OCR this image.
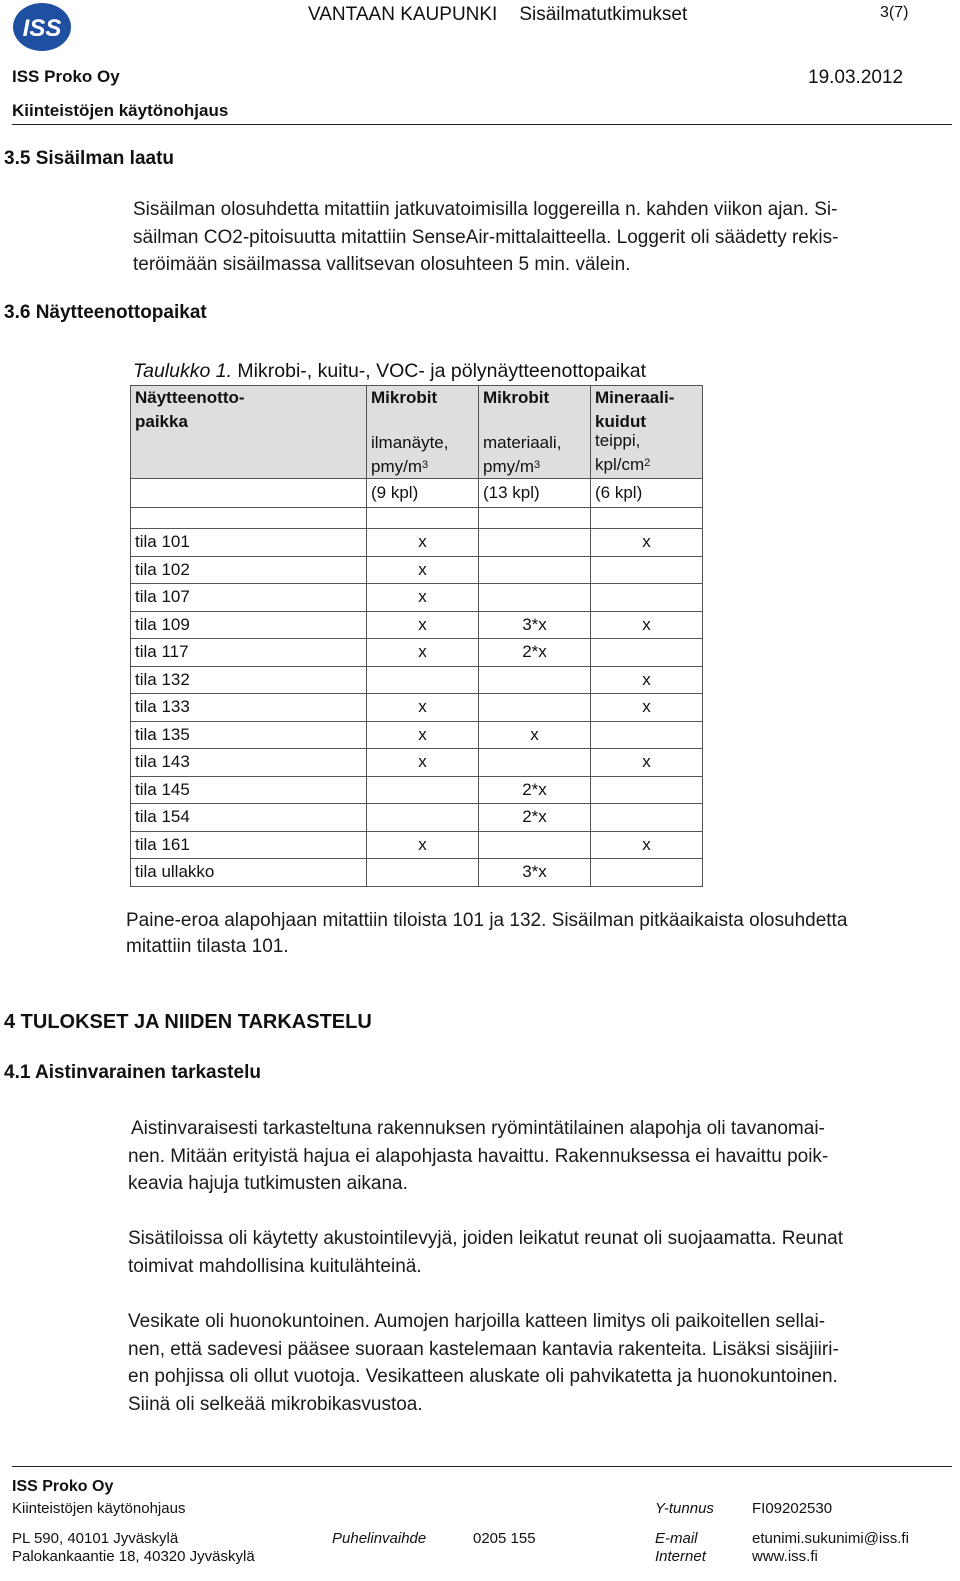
ISS
VANTAAN KAUPUNKI Sisäilmatutkimukset	3(7)
ISS Proko Oy	19.03.2012
Kiinteistöjen käytönohjaus
3.5 Sisäilman laatu
Sisäilman olosuhdetta mitattiin jatkuvatoimisilla loggereilla n. kahden viikon ajan. Si-
säilman CO2-pitoisuutta mitattiin SenseAir-mittalaitteella. Loggerit oli säädetty rekis-
teröimään sisäilmassa vallitsevan olosuhteen 5 min. välein.
3.6 Näytteenottopaikat
Taulukko 1. Mikrobi-, kuitu-, VOC- ja pölynäytteenottopaikat
Näytteenotto-
paikka	Mikrobit
ilmanäyte,
pmy/$m^3$	Mikrobit
materiaali,
pmy/$m^3$	Mineraali-
kuidut
teippi,
kpl/$cm^2$

	(9 kpl)	(13 kpl)	(6 kpl)

tila 101	x		x
tila 102	x		
tila 107	x		
tila 109	x	3*x	x
tila 117	x	2*x	
tila 132			x
tila 133	x		x
tila 135	x	x	
tila 143	x		x
tila 145		2*x	
tila 154		2*x	
tila 161	x		x
tila ullakko		3*x	
Paine-eroa alapohjaan mitattiin tiloista 101 ja 132. Sisäilman pitkäaikaista olosuhdetta
mitattiin tilasta 101.
4 TULOKSET JA NIIDEN TARKASTELU
4.1 Aistinvarainen tarkastelu
Aistinvaraisesti tarkasteltuna rakennuksen ryömintätilainen alapohja oli tavanomai-
nen. Mitään erityistä hajua ei alapohjasta havaittu. Rakennuksessa ei havaittu poik-
keavia hajuja tutkimusten aikana.
Sisätiloissa oli käytetty akustointilevyjä, joiden leikatut reunat oli suojaamatta. Reunat
toimivat mahdollisina kuitulähteinä.
Vesikate oli huonokuntoinen. Aumojen harjoilla katteen limitys oli paikoitellen sellai-
nen, että sadevesi pääsee suoraan kastelemaan kantavia rakenteita. Lisäksi sisäjiiri-
en pohjissa oli ollut vuotoja. Vesikatteen aluskate oli pahvikatetta ja huonokuntoinen.
Siinä oli selkeää mikrobikasvustoa.
ISS Proko Oy
Kiinteistöjen käytönohjaus	Y-tunnus	FI09202530
PL 590, 40101 Jyväskylä	Puhelinvaihde	0205 155	E-mail	etunimi.sukunimi@iss.fi
Palokankaantie 18, 40320 Jyväskylä	Internet	www.iss.fi
